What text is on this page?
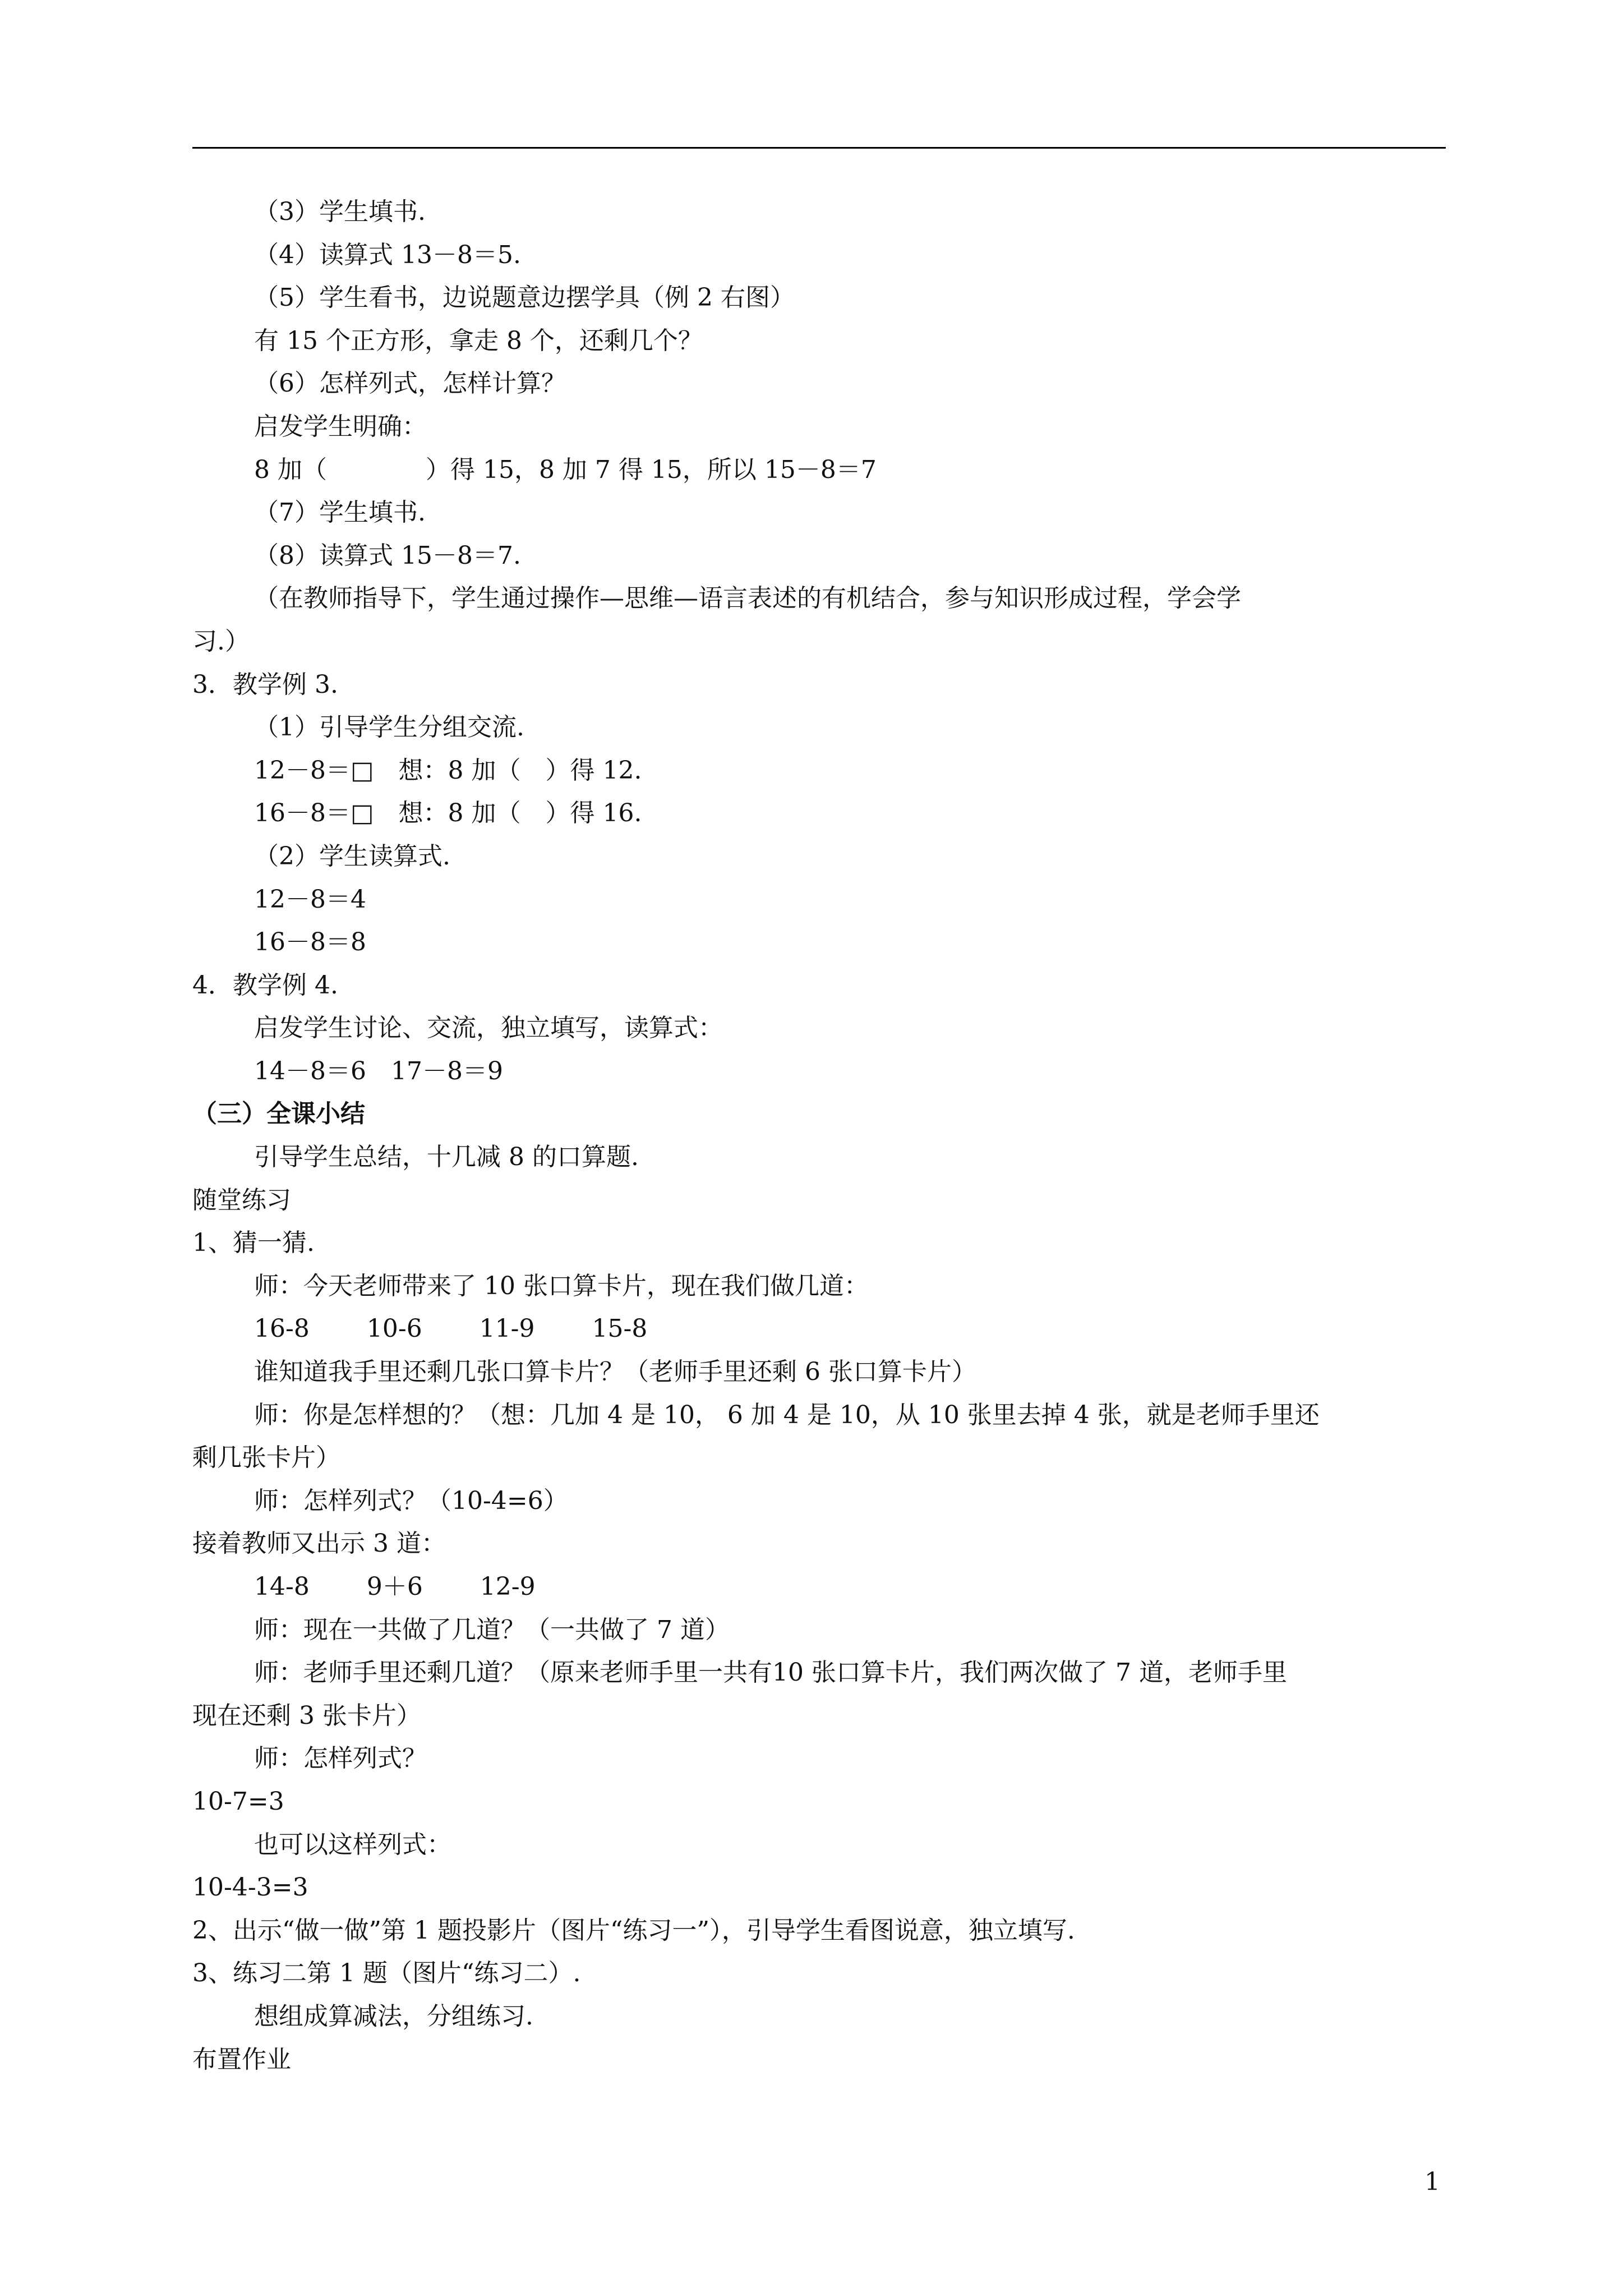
（3）学生填书.
（4）读算式 13－8＝5.
（5）学生看书，边说题意边摆学具（例 2 右图）
有 15 个正方形，拿走 8 个，还剩几个？
（6）怎样列式，怎样计算？
启发学生明确：
8 加（　　　　）得 15，8 加 7 得 15，所以 15－8＝7
（7）学生填书.
（8）读算式 15－8＝7.
（在教师指导下，学生通过操作—思维—语言表述的有机结合，参与知识形成过程，学会学
习.）
3．教学例 3.
（1）引导学生分组交流.
12－8＝□　想：8 加（　）得 12.
16－8＝□　想：8 加（　）得 16.
（2）学生读算式.
12－8＝4
16－8＝8
4．教学例 4.
启发学生讨论、交流，独立填写，读算式：
14－8＝6　17－8＝9
（三）全课小结
引导学生总结，十几减 8 的口算题.
随堂练习
1、猜一猜.
师：今天老师带来了 10 张口算卡片，现在我们做几道：
16-8　　 10-6　　 11-9　　 15-8
谁知道我手里还剩几张口算卡片？（老师手里还剩 6 张口算卡片）
师：你是怎样想的？（想：几加 4 是 10， 6 加 4 是 10，从 10 张里去掉 4 张，就是老师手里还
剩几张卡片）
师：怎样列式？（10-4=6）
接着教师又出示 3 道：
14-8　　 9＋6　　 12-9
师：现在一共做了几道？（一共做了 7 道）
师：老师手里还剩几道？（原来老师手里一共有10 张口算卡片，我们两次做了 7 道，老师手里
现在还剩 3 张卡片）
师：怎样列式？
10-7=3
也可以这样列式：
10-4-3=3
2、出示“做一做”第 1 题投影片（图片“练习一”），引导学生看图说意，独立填写.
3、练习二第 1 题（图片“练习二）.
想组成算减法，分组练习.
布置作业
1
